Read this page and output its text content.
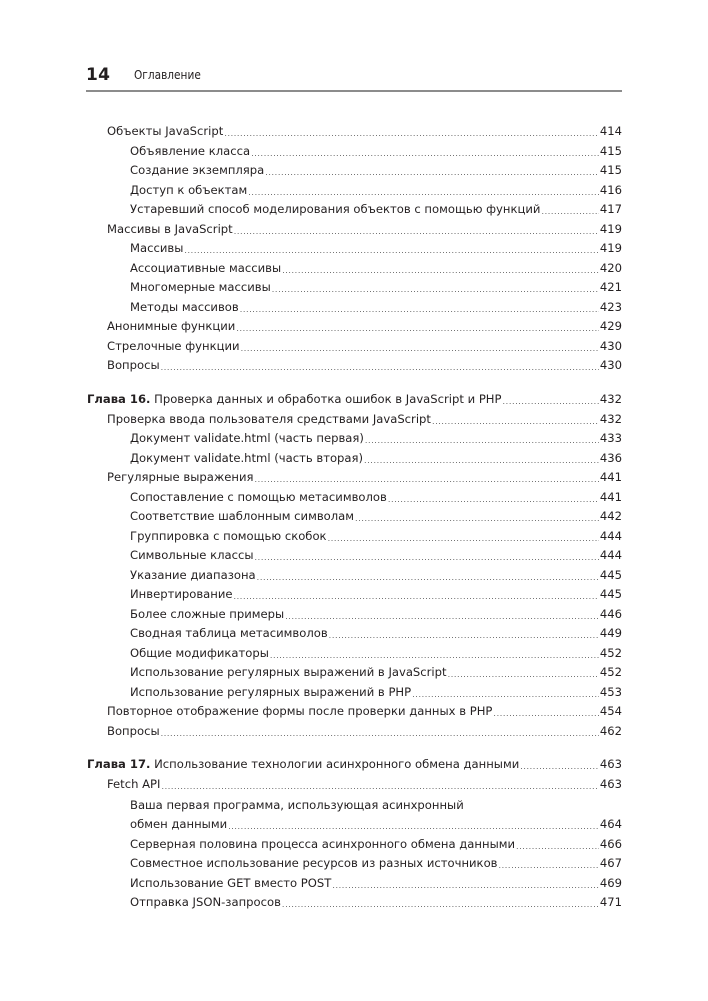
14 Оглавление
Объекты JavaScript .....	414
Объявление класса .....	415
Создание экземпляра .....	415
Доступ к объектам .....	416
Устаревший способ моделирования объектов с помощью функций .....	417
Массивы в JavaScript .....	419
Массивы .....	419
Ассоциативные массивы .....	420
Многомерные массивы .....	421
Методы массивов .....	423
Анонимные функции .....	429
Стрелочные функции .....	430
Вопросы .....	430
Глава 16. Проверка данных и обработка ошибок в JavaScript и PHP .....	432
Проверка ввода пользователя средствами JavaScript .....	432
Документ validate.html (часть первая) .....	433
Документ validate.html (часть вторая) .....	436
Регулярные выражения .....	441
Сопоставление с помощью метасимволов .....	441
Соответствие шаблонным символам .....	442
Группировка с помощью скобок .....	444
Символьные классы .....	444
Указание диапазона .....	445
Инвертирование .....	445
Более сложные примеры .....	446
Сводная таблица метасимволов .....	449
Общие модификаторы .....	452
Использование регулярных выражений в JavaScript .....	452
Использование регулярных выражений в PHP .....	453
Повторное отображение формы после проверки данных в PHP .....	454
Вопросы .....	462
Глава 17. Использование технологии асинхронного обмена данными .....	463
Fetch API .....	463
Ваша первая программа, использующая асинхронный
обмен данными .....	464
Серверная половина процесса асинхронного обмена данными .....	466
Совместное использование ресурсов из разных источников .....	467
Использование GET вместо POST .....	469
Отправка JSON-запросов .....	471
